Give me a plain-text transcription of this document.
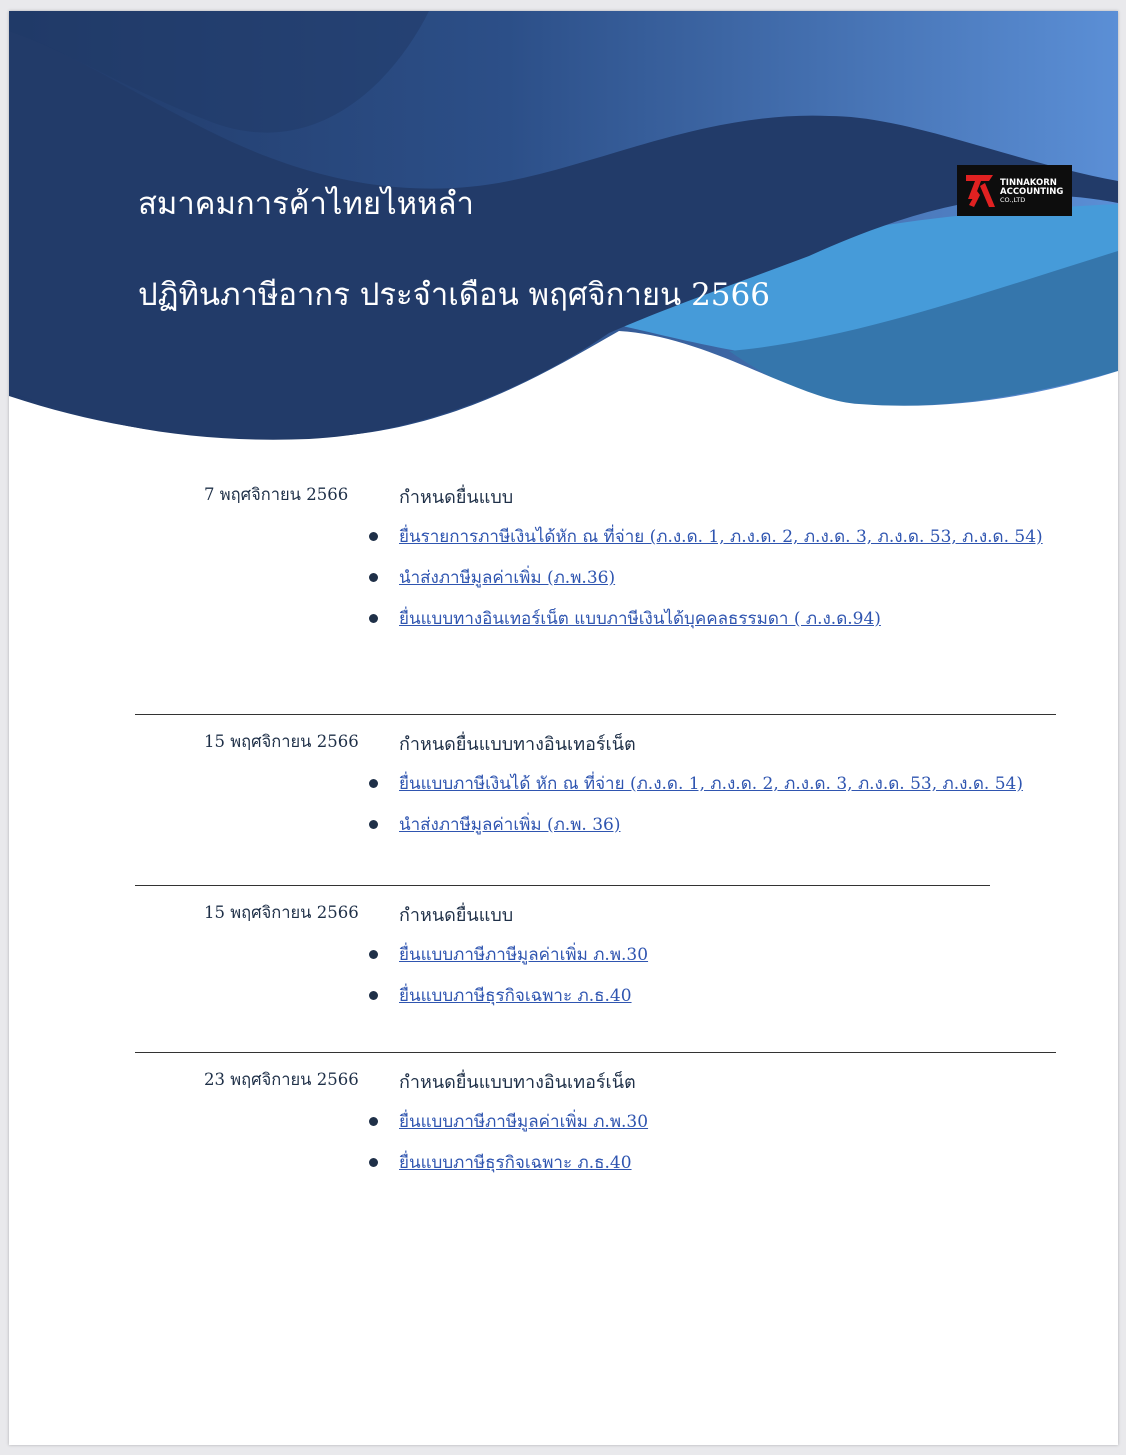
สมาคมการค้าไทยไหหลำ
ปฏิทินภาษีอากร ประจำเดือน พฤศจิกายน 2566
TINNAKORN
ACCOUNTING
CO.,LTD
7 พฤศจิกายน 2566	กำหนดยื่นแบบ
ยื่นรายการภาษีเงินได้หัก ณ ที่จ่าย (ภ.ง.ด. 1, ภ.ง.ด. 2, ภ.ง.ด. 3, ภ.ง.ด. 53, ภ.ง.ด. 54)
นำส่งภาษีมูลค่าเพิ่ม (ภ.พ.36)
ยื่นแบบทางอินเทอร์เน็ต แบบภาษีเงินได้บุคคลธรรมดา ( ภ.ง.ด.94)
15 พฤศจิกายน 2566 กำหนดยื่นแบบทางอินเทอร์เน็ต
ยื่นแบบภาษีเงินได้ หัก ณ ที่จ่าย (ภ.ง.ด. 1, ภ.ง.ด. 2, ภ.ง.ด. 3, ภ.ง.ด. 53, ภ.ง.ด. 54)
นำส่งภาษีมูลค่าเพิ่ม (ภ.พ. 36)
15 พฤศจิกายน 2566 กำหนดยื่นแบบ
ยื่นแบบภาษีภาษีมูลค่าเพิ่ม ภ.พ.30
ยื่นแบบภาษีธุรกิจเฉพาะ ภ.ธ.40
23 พฤศจิกายน 2566 กำหนดยื่นแบบทางอินเทอร์เน็ต
ยื่นแบบภาษีภาษีมูลค่าเพิ่ม ภ.พ.30
ยื่นแบบภาษีธุรกิจเฉพาะ ภ.ธ.40
